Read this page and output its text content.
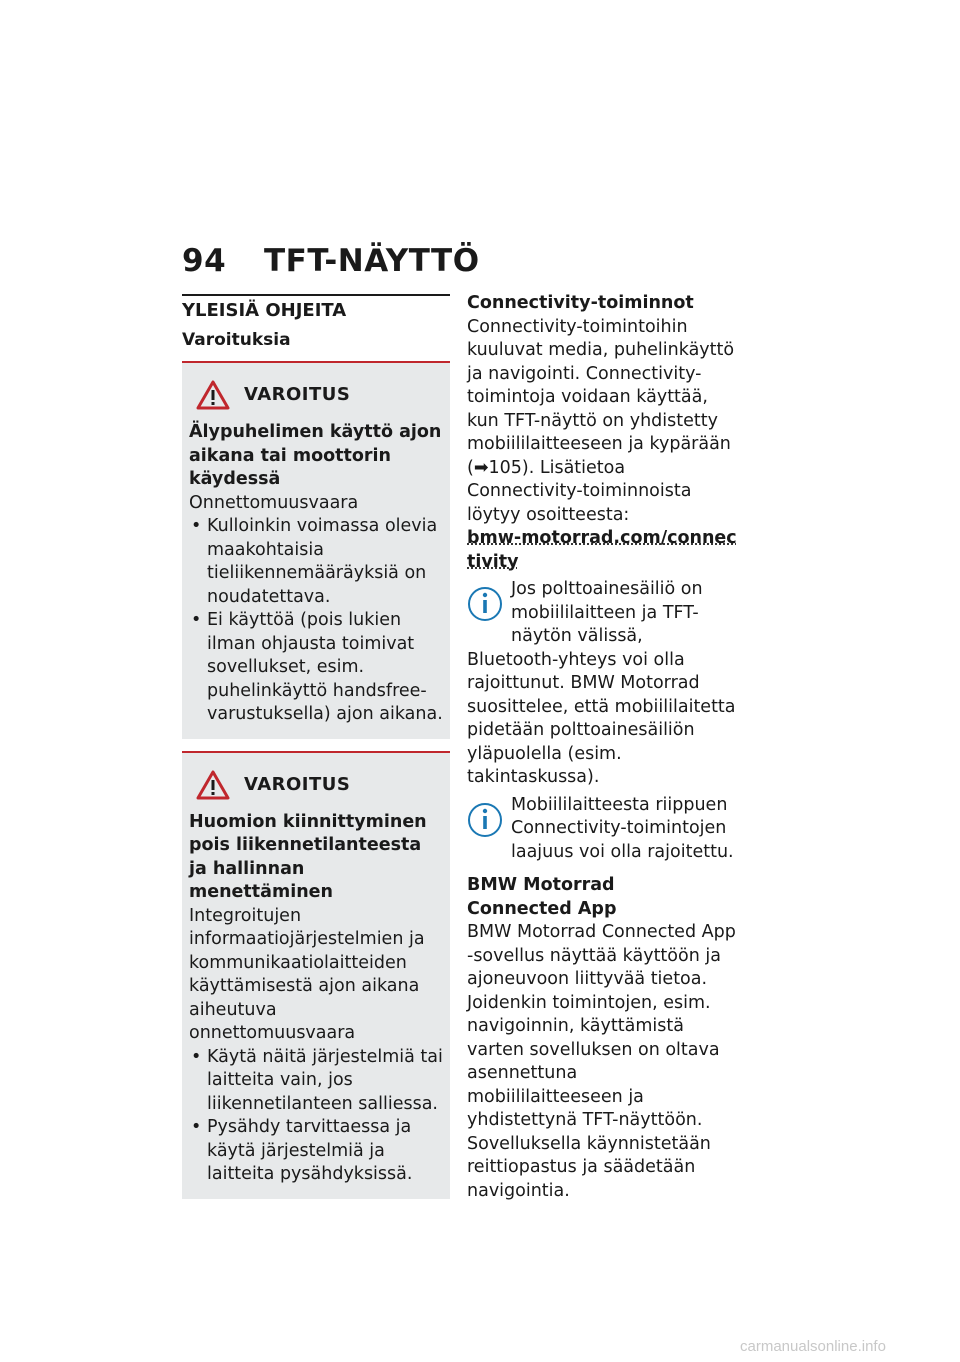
94 TFT-NÄYTTÖ
YLEISIÄ OHJEITA
Varoituksia
VAROITUS
Älypuhelimen käyttö ajon aikana tai moottorin käydessä
Onnettomuusvaara
• Kulloinkin voimassa olevia maakohtaisia tieliikennemääräyksiä on noudatettava.
• Ei käyttöä (pois lukien ilman ohjausta toimivat sovellukset, esim. puhelinkäyttö handsfree-varustuksella) ajon aikana.
VAROITUS
Huomion kiinnittyminen pois liikennetilanteesta ja hallinnan menettäminen
Integroitujen informaatiojärjestelmien ja kommunikaatiolaitteiden käyttämisestä ajon aikana aiheutuva onnettomuusvaara
• Käytä näitä järjestelmiä tai laitteita vain, jos liikennetilanteen salliessa.
• Pysähdy tarvittaessa ja käytä järjestelmiä ja laitteita pysähdyksissä.
Connectivity-toiminnot
Connectivity-toimintoihin kuuluvat media, puhelinkäyttö ja navigointi. Connectivity-toimintoja voidaan käyttää, kun TFT-näyttö on yhdistetty mobiililaitteeseen ja kypärään (➡105). Lisätietoa Connectivity-toiminnoista löytyy osoitteesta:
bmw-motorrad.com/connectivity
Jos polttoainesäiliö on mobiililaitteen ja TFT-näytön välissä, Bluetooth-yhteys voi olla rajoittunut. BMW Motorrad suosittelee, että mobiililaitetta pidetään polttoainesäiliön yläpuolella (esim. takintaskussa).
Mobiililaitteesta riippuen Connectivity-toimintojen laajuus voi olla rajoitettu.
BMW Motorrad
Connected App
BMW Motorrad Connected App -sovellus näyttää käyttöön ja ajoneuvoon liittyvää tietoa. Joidenkin toimintojen, esim. navigoinnin, käyttämistä varten sovelluksen on oltava asennettuna mobiililaitteeseen ja yhdistettynä TFT-näyttöön. Sovelluksella käynnistetään reittiopastus ja säädetään navigointia.
carmanualsonline.info
